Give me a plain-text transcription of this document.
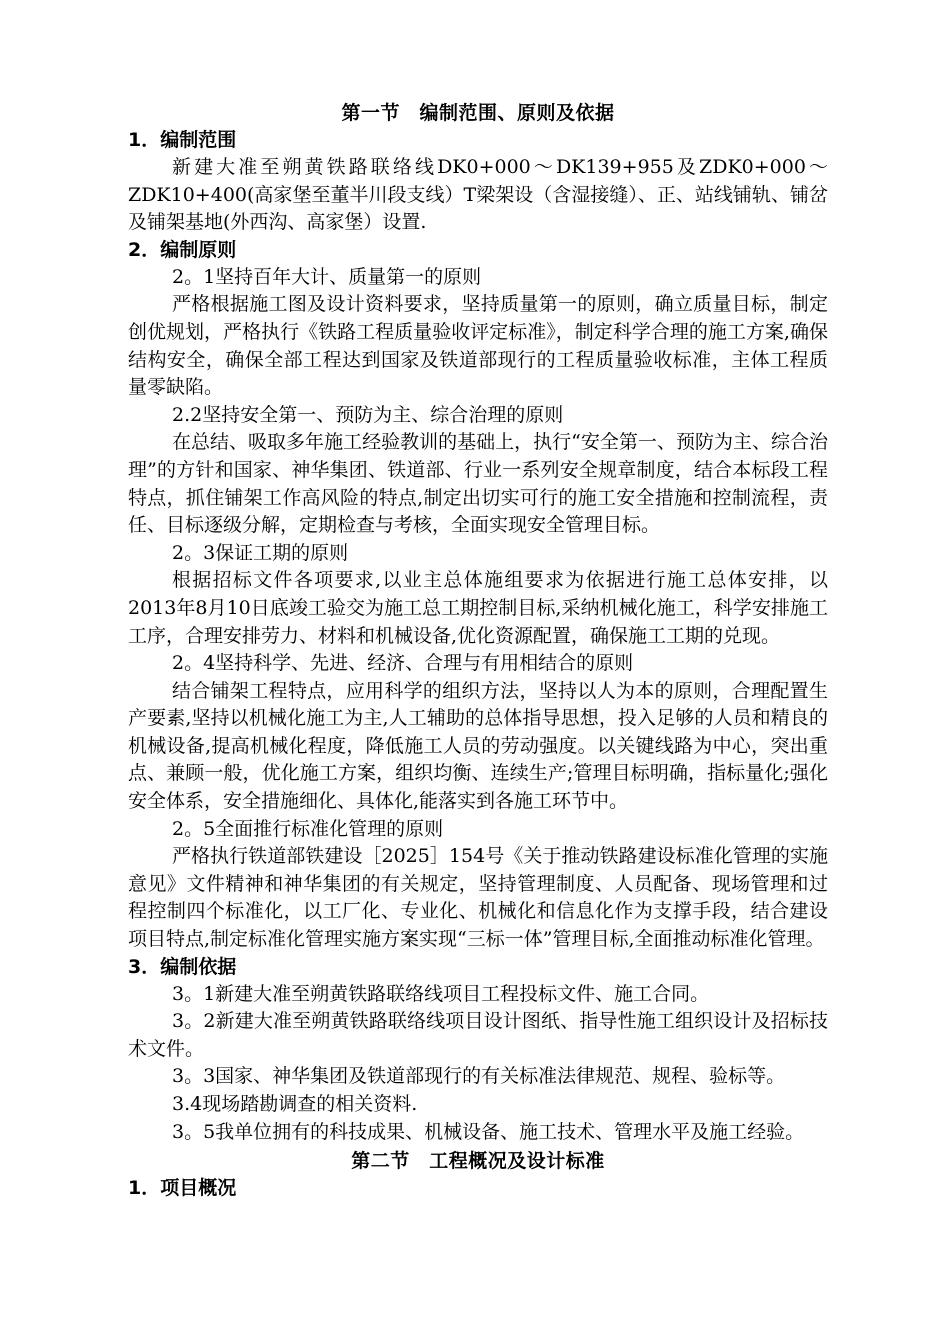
第一节　编制范围、原则及依据
1．编制范围

新建大准至朔黄铁路联络线DK0+000～DK139+955及ZDK0+000～ZDK10+400(高家堡至董半川段支线）T梁架设（含湿接缝）、正、站线铺轨、铺岔及铺架基地(外西沟、高家堡）设置.

2．编制原则

2。1坚持百年大计、质量第一的原则

严格根据施工图及设计资料要求，坚持质量第一的原则，确立质量目标，制定创优规划，严格执行《铁路工程质量验收评定标准》，制定科学合理的施工方案,确保结构安全，确保全部工程达到国家及铁道部现行的工程质量验收标准，主体工程质量零缺陷。

2.2坚持安全第一、预防为主、综合治理的原则

在总结、吸取多年施工经验教训的基础上，执行“安全第一、预防为主、综合治理”的方针和国家、神华集团、铁道部、行业一系列安全规章制度，结合本标段工程特点，抓住铺架工作高风险的特点,制定出切实可行的施工安全措施和控制流程，责任、目标逐级分解，定期检查与考核，全面实现安全管理目标。

2。3保证工期的原则

根据招标文件各项要求,以业主总体施组要求为依据进行施工总体安排，以2013年8月10日底竣工验交为施工总工期控制目标,采纳机械化施工，科学安排施工工序，合理安排劳力、材料和机械设备,优化资源配置，确保施工工期的兑现。

2。4坚持科学、先进、经济、合理与有用相结合的原则

结合铺架工程特点，应用科学的组织方法，坚持以人为本的原则，合理配置生产要素,坚持以机械化施工为主,人工辅助的总体指导思想，投入足够的人员和精良的机械设备,提高机械化程度，降低施工人员的劳动强度。以关键线路为中心，突出重点、兼顾一般，优化施工方案，组织均衡、连续生产;管理目标明确，指标量化;强化安全体系，安全措施细化、具体化,能落实到各施工环节中。

2。5全面推行标准化管理的原则

严格执行铁道部铁建设［2025］154号《关于推动铁路建设标准化管理的实施意见》文件精神和神华集团的有关规定，坚持管理制度、人员配备、现场管理和过程控制四个标准化，以工厂化、专业化、机械化和信息化作为支撑手段，结合建设项目特点,制定标准化管理实施方案实现“三标一体”管理目标,全面推动标准化管理。

3．编制依据

3。1新建大准至朔黄铁路联络线项目工程投标文件、施工合同。

3。2新建大准至朔黄铁路联络线项目设计图纸、指导性施工组织设计及招标技术文件。

3。3国家、神华集团及铁道部现行的有关标准法律规范、规程、验标等。

3.4现场踏勘调查的相关资料.

3。5我单位拥有的科技成果、机械设备、施工技术、管理水平及施工经验。

第二节　工程概况及设计标准
1．项目概况
